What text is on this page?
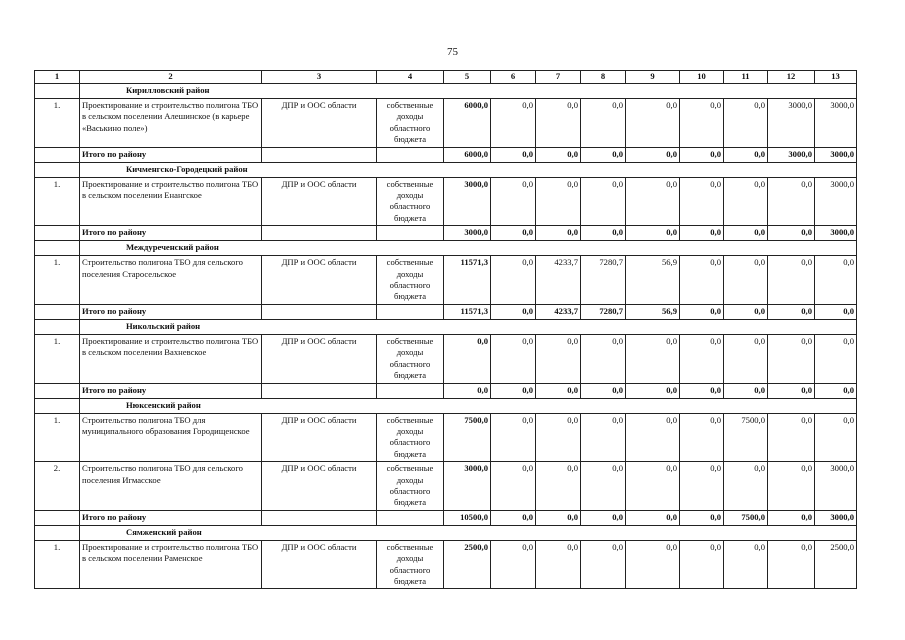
75
1	2	3	4	5	6	7	8	9	10	11	12	13
	Кирилловский район											
1.	Проектирование и строительство полигона ТБО в сельском поселении Алешинское (в карьере «Васькино поле»)	ДПР и ООС области	собственные доходы областного бюджета	6000,0	0,0	0,0	0,0	0,0	0,0	0,0	3000,0	3000,0
	Итого по району			6000,0	0,0	0,0	0,0	0,0	0,0	0,0	3000,0	3000,0
	Кичменгско-Городецкий район											
1.	Проектирование и строительство полигона ТБО в сельском поселении Енангское	ДПР и ООС области	собственные доходы областного бюджета	3000,0	0,0	0,0	0,0	0,0	0,0	0,0	0,0	3000,0
	Итого по району			3000,0	0,0	0,0	0,0	0,0	0,0	0,0	0,0	3000,0
	Междуреченский район											
1.	Строительство полигона ТБО для сельского поселения Старосельское	ДПР и ООС области	собственные доходы областного бюджета	11571,3	0,0	4233,7	7280,7	56,9	0,0	0,0	0,0	0,0
	Итого по району			11571,3	0,0	4233,7	7280,7	56,9	0,0	0,0	0,0	0,0
	Никольский район											
1.	Проектирование и строительство полигона ТБО в сельском поселении Вахневское	ДПР и ООС области	собственные доходы областного бюджета	0,0	0,0	0,0	0,0	0,0	0,0	0,0	0,0	0,0
	Итого по району			0,0	0,0	0,0	0,0	0,0	0,0	0,0	0,0	0,0
	Нюксенский район											
1.	Строительство полигона ТБО для муниципального образования Городищенское	ДПР и ООС области	собственные доходы областного бюджета	7500,0	0,0	0,0	0,0	0,0	0,0	7500,0	0,0	0,0
2.	Строительство полигона ТБО для сельского поселения Игмасское	ДПР и ООС области	собственные доходы областного бюджета	3000,0	0,0	0,0	0,0	0,0	0,0	0,0	0,0	3000,0
	Итого по району			10500,0	0,0	0,0	0,0	0,0	0,0	7500,0	0,0	3000,0
	Сямженский район											
1.	Проектирование и строительство полигона ТБО в сельском поселении Раменское	ДПР и ООС области	собственные доходы областного бюджета	2500,0	0,0	0,0	0,0	0,0	0,0	0,0	0,0	2500,0
